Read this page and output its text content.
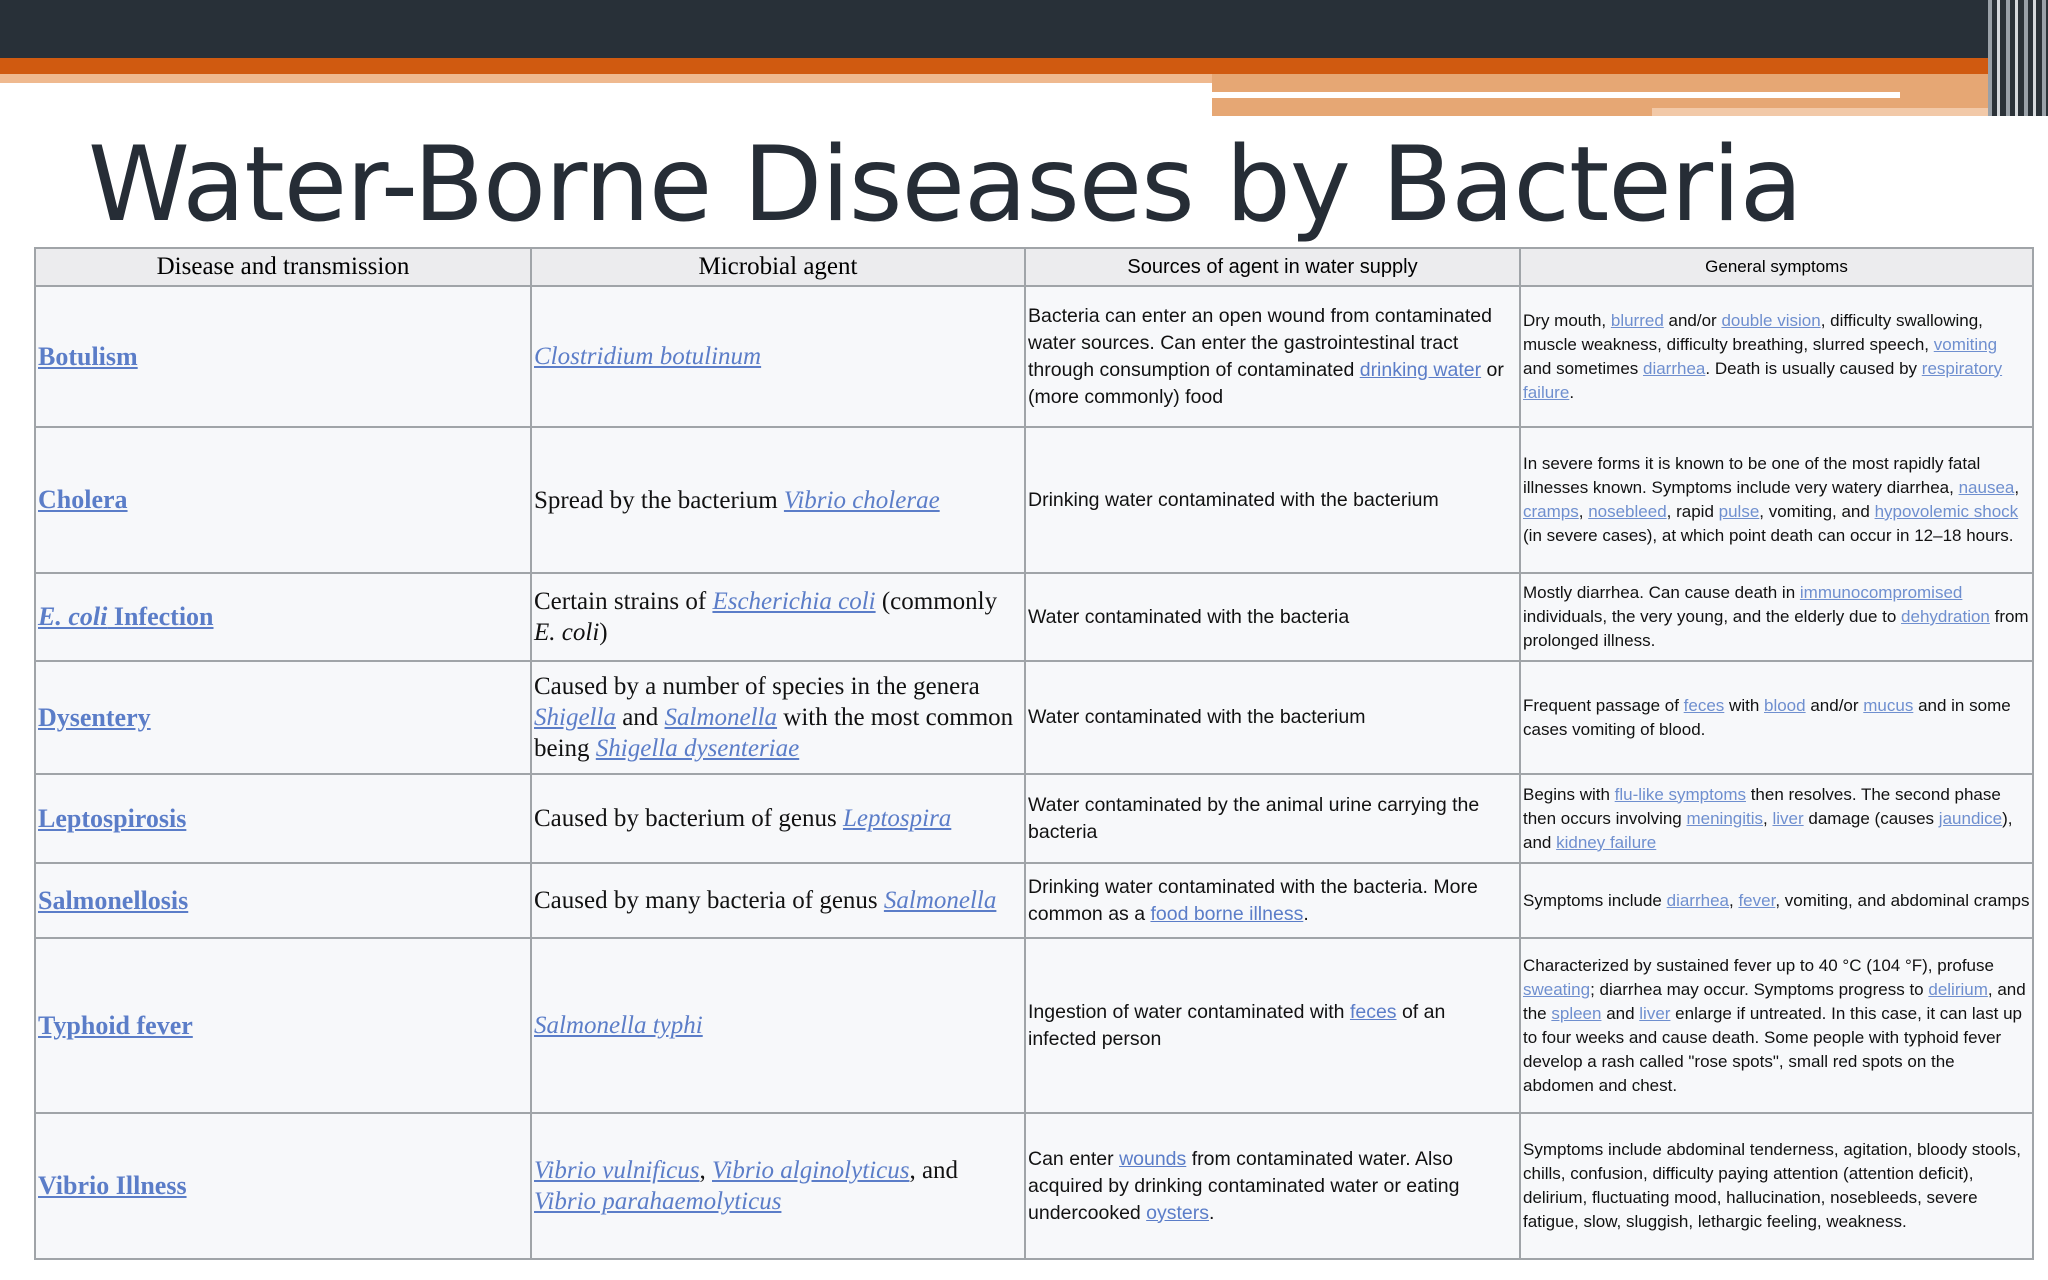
Water-Borne Diseases by Bacteria
Disease and transmission	Microbial agent	Sources of agent in water supply	General symptoms
Botulism	Clostridium botulinum	Bacteria can enter an open wound from contaminated water sources. Can enter the gastrointestinal tract through consumption of contaminated drinking water or (more commonly) food	Dry mouth, blurred and/or double vision, difficulty swallowing, muscle weakness, difficulty breathing, slurred speech, vomiting and sometimes diarrhea. Death is usually caused by respiratory failure.
Cholera	Spread by the bacterium Vibrio cholerae	Drinking water contaminated with the bacterium	In severe forms it is known to be one of the most rapidly fatal illnesses known. Symptoms include very watery diarrhea, nausea, cramps, nosebleed, rapid pulse, vomiting, and hypovolemic shock (in severe cases), at which point death can occur in 12–18 hours.
E. coli Infection	Certain strains of Escherichia coli (commonly E. coli)	Water contaminated with the bacteria	Mostly diarrhea. Can cause death in immunocompromised individuals, the very young, and the elderly due to dehydration from prolonged illness.
Dysentery	Caused by a number of species in the genera Shigella and Salmonella with the most common being Shigella dysenteriae	Water contaminated with the bacterium	Frequent passage of feces with blood and/or mucus and in some cases vomiting of blood.
Leptospirosis	Caused by bacterium of genus Leptospira	Water contaminated by the animal urine carrying the bacteria	Begins with flu-like symptoms then resolves. The second phase then occurs involving meningitis, liver damage (causes jaundice), and kidney failure
Salmonellosis	Caused by many bacteria of genus Salmonella	Drinking water contaminated with the bacteria. More common as a food borne illness.	Symptoms include diarrhea, fever, vomiting, and abdominal cramps
Typhoid fever	Salmonella typhi	Ingestion of water contaminated with feces of an infected person	Characterized by sustained fever up to 40 °C (104 °F), profuse sweating; diarrhea may occur. Symptoms progress to delirium, and the spleen and liver enlarge if untreated. In this case, it can last up to four weeks and cause death. Some people with typhoid fever develop a rash called "rose spots", small red spots on the abdomen and chest.
Vibrio Illness	Vibrio vulnificus, Vibrio alginolyticus, and Vibrio parahaemolyticus	Can enter wounds from contaminated water. Also acquired by drinking contaminated water or eating undercooked oysters.	Symptoms include abdominal tenderness, agitation, bloody stools, chills, confusion, difficulty paying attention (attention deficit), delirium, fluctuating mood, hallucination, nosebleeds, severe fatigue, slow, sluggish, lethargic feeling, weakness.
